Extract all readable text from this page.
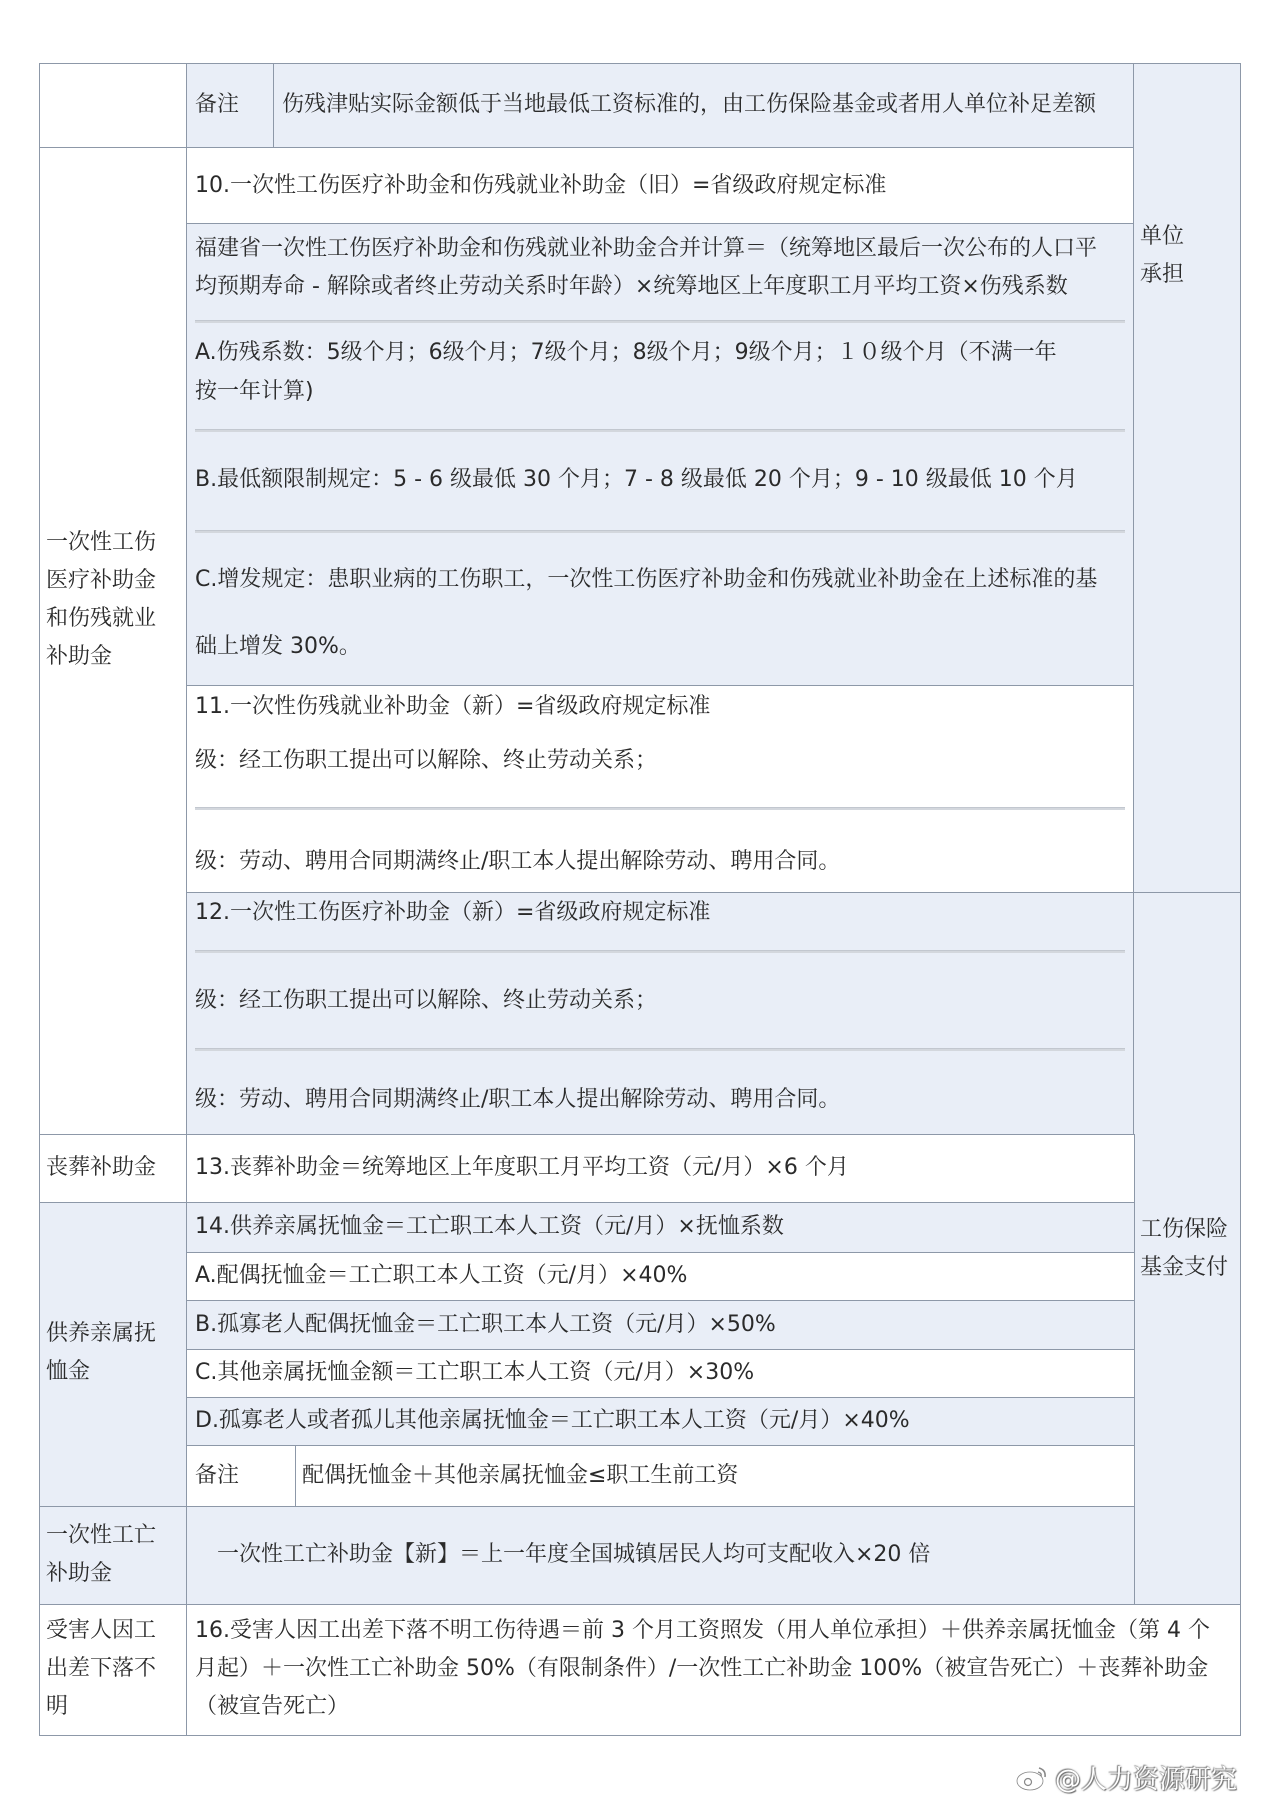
备注 伤残津贴实际金额低于当地最低工资标准的，由工伤保险基金或者用人单位补足差额
一次性工伤
医疗补助金
和伤残就业
补助金
10.一次性工伤医疗补助金和伤残就业补助金（旧）=省级政府规定标准
福建省一次性工伤医疗补助金和伤残就业补助金合并计算＝（统筹地区最后一次公布的人口平
均预期寿命 - 解除或者终止劳动关系时年龄）×统筹地区上年度职工月平均工资×伤残系数
A.伤残系数：5级个月；6级个月；7级个月；8级个月；9级个月；１０级个月（不满一年
按一年计算)
B.最低额限制规定：5 - 6 级最低 30 个月；7 - 8 级最低 20 个月；9 - 10 级最低 10 个月
C.增发规定：患职业病的工伤职工，一次性工伤医疗补助金和伤残就业补助金在上述标准的基
础上增发 30%。
11.一次性伤残就业补助金（新）=省级政府规定标准
级：经工伤职工提出可以解除、终止劳动关系；
级：劳动、聘用合同期满终止/职工本人提出解除劳动、聘用合同。
12.一次性工伤医疗补助金（新）=省级政府规定标准
级：经工伤职工提出可以解除、终止劳动关系；
级：劳动、聘用合同期满终止/职工本人提出解除劳动、聘用合同。
单位
承担
工伤保险
基金支付
丧葬补助金 13.丧葬补助金＝统筹地区上年度职工月平均工资（元/月）×6 个月
供养亲属抚
恤金
14.供养亲属抚恤金＝工亡职工本人工资（元/月）×抚恤系数
A.配偶抚恤金＝工亡职工本人工资（元/月）×40%
B.孤寡老人配偶抚恤金＝工亡职工本人工资（元/月）×50%
C.其他亲属抚恤金额＝工亡职工本人工资（元/月）×30%
D.孤寡老人或者孤儿其他亲属抚恤金＝工亡职工本人工资（元/月）×40%
备注	配偶抚恤金＋其他亲属抚恤金≤职工生前工资
一次性工亡
补助金
一次性工亡补助金【新】＝上一年度全国城镇居民人均可支配收入×20 倍
受害人因工
出差下落不
明
16.受害人因工出差下落不明工伤待遇＝前 3 个月工资照发（用人单位承担）＋供养亲属抚恤金（第 4 个
月起）＋一次性工亡补助金 50%（有限制条件）/一次性工亡补助金 100%（被宣告死亡）＋丧葬补助金
（被宣告死亡）
@人力资源研究
